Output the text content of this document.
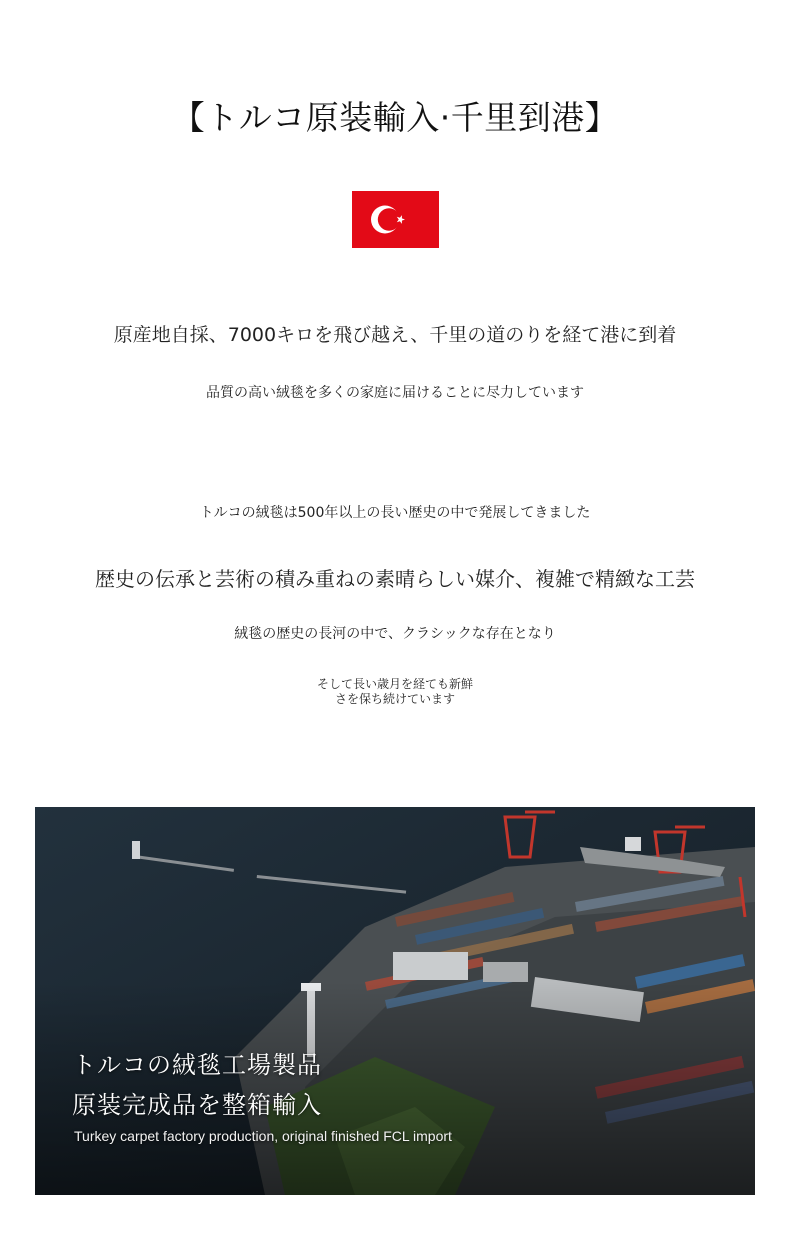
【トルコ原装輸入·千里到港】
原産地自採、7000キロを飛び越え、千里の道のりを経て港に到着
品質の高い絨毯を多くの家庭に届けることに尽力しています
トルコの絨毯は500年以上の長い歴史の中で発展してきました
歴史の伝承と芸術の積み重ねの素晴らしい媒介、複雑で精緻な工芸
絨毯の歴史の長河の中で、クラシックな存在となり
そして長い歳月を経ても新鮮
さを保ち続けています
トルコの絨毯工場製品
原装完成品を整箱輸入
Turkey carpet factory production, original finished FCL import
